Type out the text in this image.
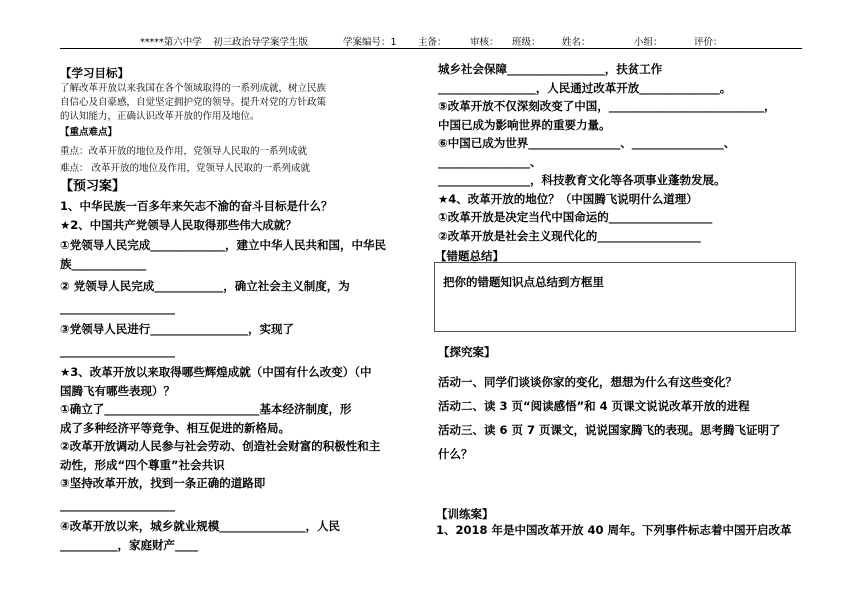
*****第六中学 初三政治导学案学生版	学案编号：1 主备： 审核： 班级： 姓名：	小组：	评价：
【学习目标】
了解改革开放以来我国在各个领域取得的一系列成就，树立民族
自信心及自豪感，自觉坚定拥护党的领导。提升对党的方针政策
的认知能力，正确认识改革开放的作用及地位。
【重点难点】
重点：改革开放的地位及作用，党领导人民取的一系列成就
难点： 改革开放的地位及作用，党领导人民取的一系列成就
【预习案】
1、中华民族一百多年来矢志不渝的奋斗目标是什么？
★2、中国共产党领导人民取得那些伟大成就？
①党领导人民完成_____________，建立中华人民共和国，中华民
族_____________
② 党领导人民完成____________，确立社会主义制度，为
____________________
③党领导人民进行_________________，实现了
____________________
★3、改革开放以来取得哪些辉煌成就（中国有什么改变）（中
国腾飞有哪些表现）？
①确立了___________________________基本经济制度，形
成了多种经济平等竞争、相互促进的新格局。
②改革开放调动人民参与社会劳动、创造社会财富的积极性和主
动性，形成“四个尊重”社会共识
③坚持改革开放，找到一条正确的道路即
____________________
④改革开放以来，城乡就业规模_______________，人民
__________，家庭财产____
城乡社会保障_________________，扶贫工作
_________________，人民通过改革开放______________。
⑤改革开放不仅深刻改变了中国，___________________________，
中国已成为影响世界的重要力量。
⑥中国已成为世界________________、________________、
________________、
________________，科技教育文化等各项事业蓬勃发展。
★4、改革开放的地位？（中国腾飞说明什么道理）
①改革开放是决定当代中国命运的__________________
②改革开放是社会主义现代化的__________________
【错题总结】
把你的错题知识点总结到方框里
【探究案】
活动一、同学们谈谈你家的变化，想想为什么有这些变化？
活动二、读 3 页“阅读感悟”和 4 页课文说说改革开放的进程
活动三、读 6 页 7 页课文，说说国家腾飞的表现。思考腾飞证明了
什么？
【训练案】
1、2018 年是中国改革开放 40 周年。下列事件标志着中国开启改革
